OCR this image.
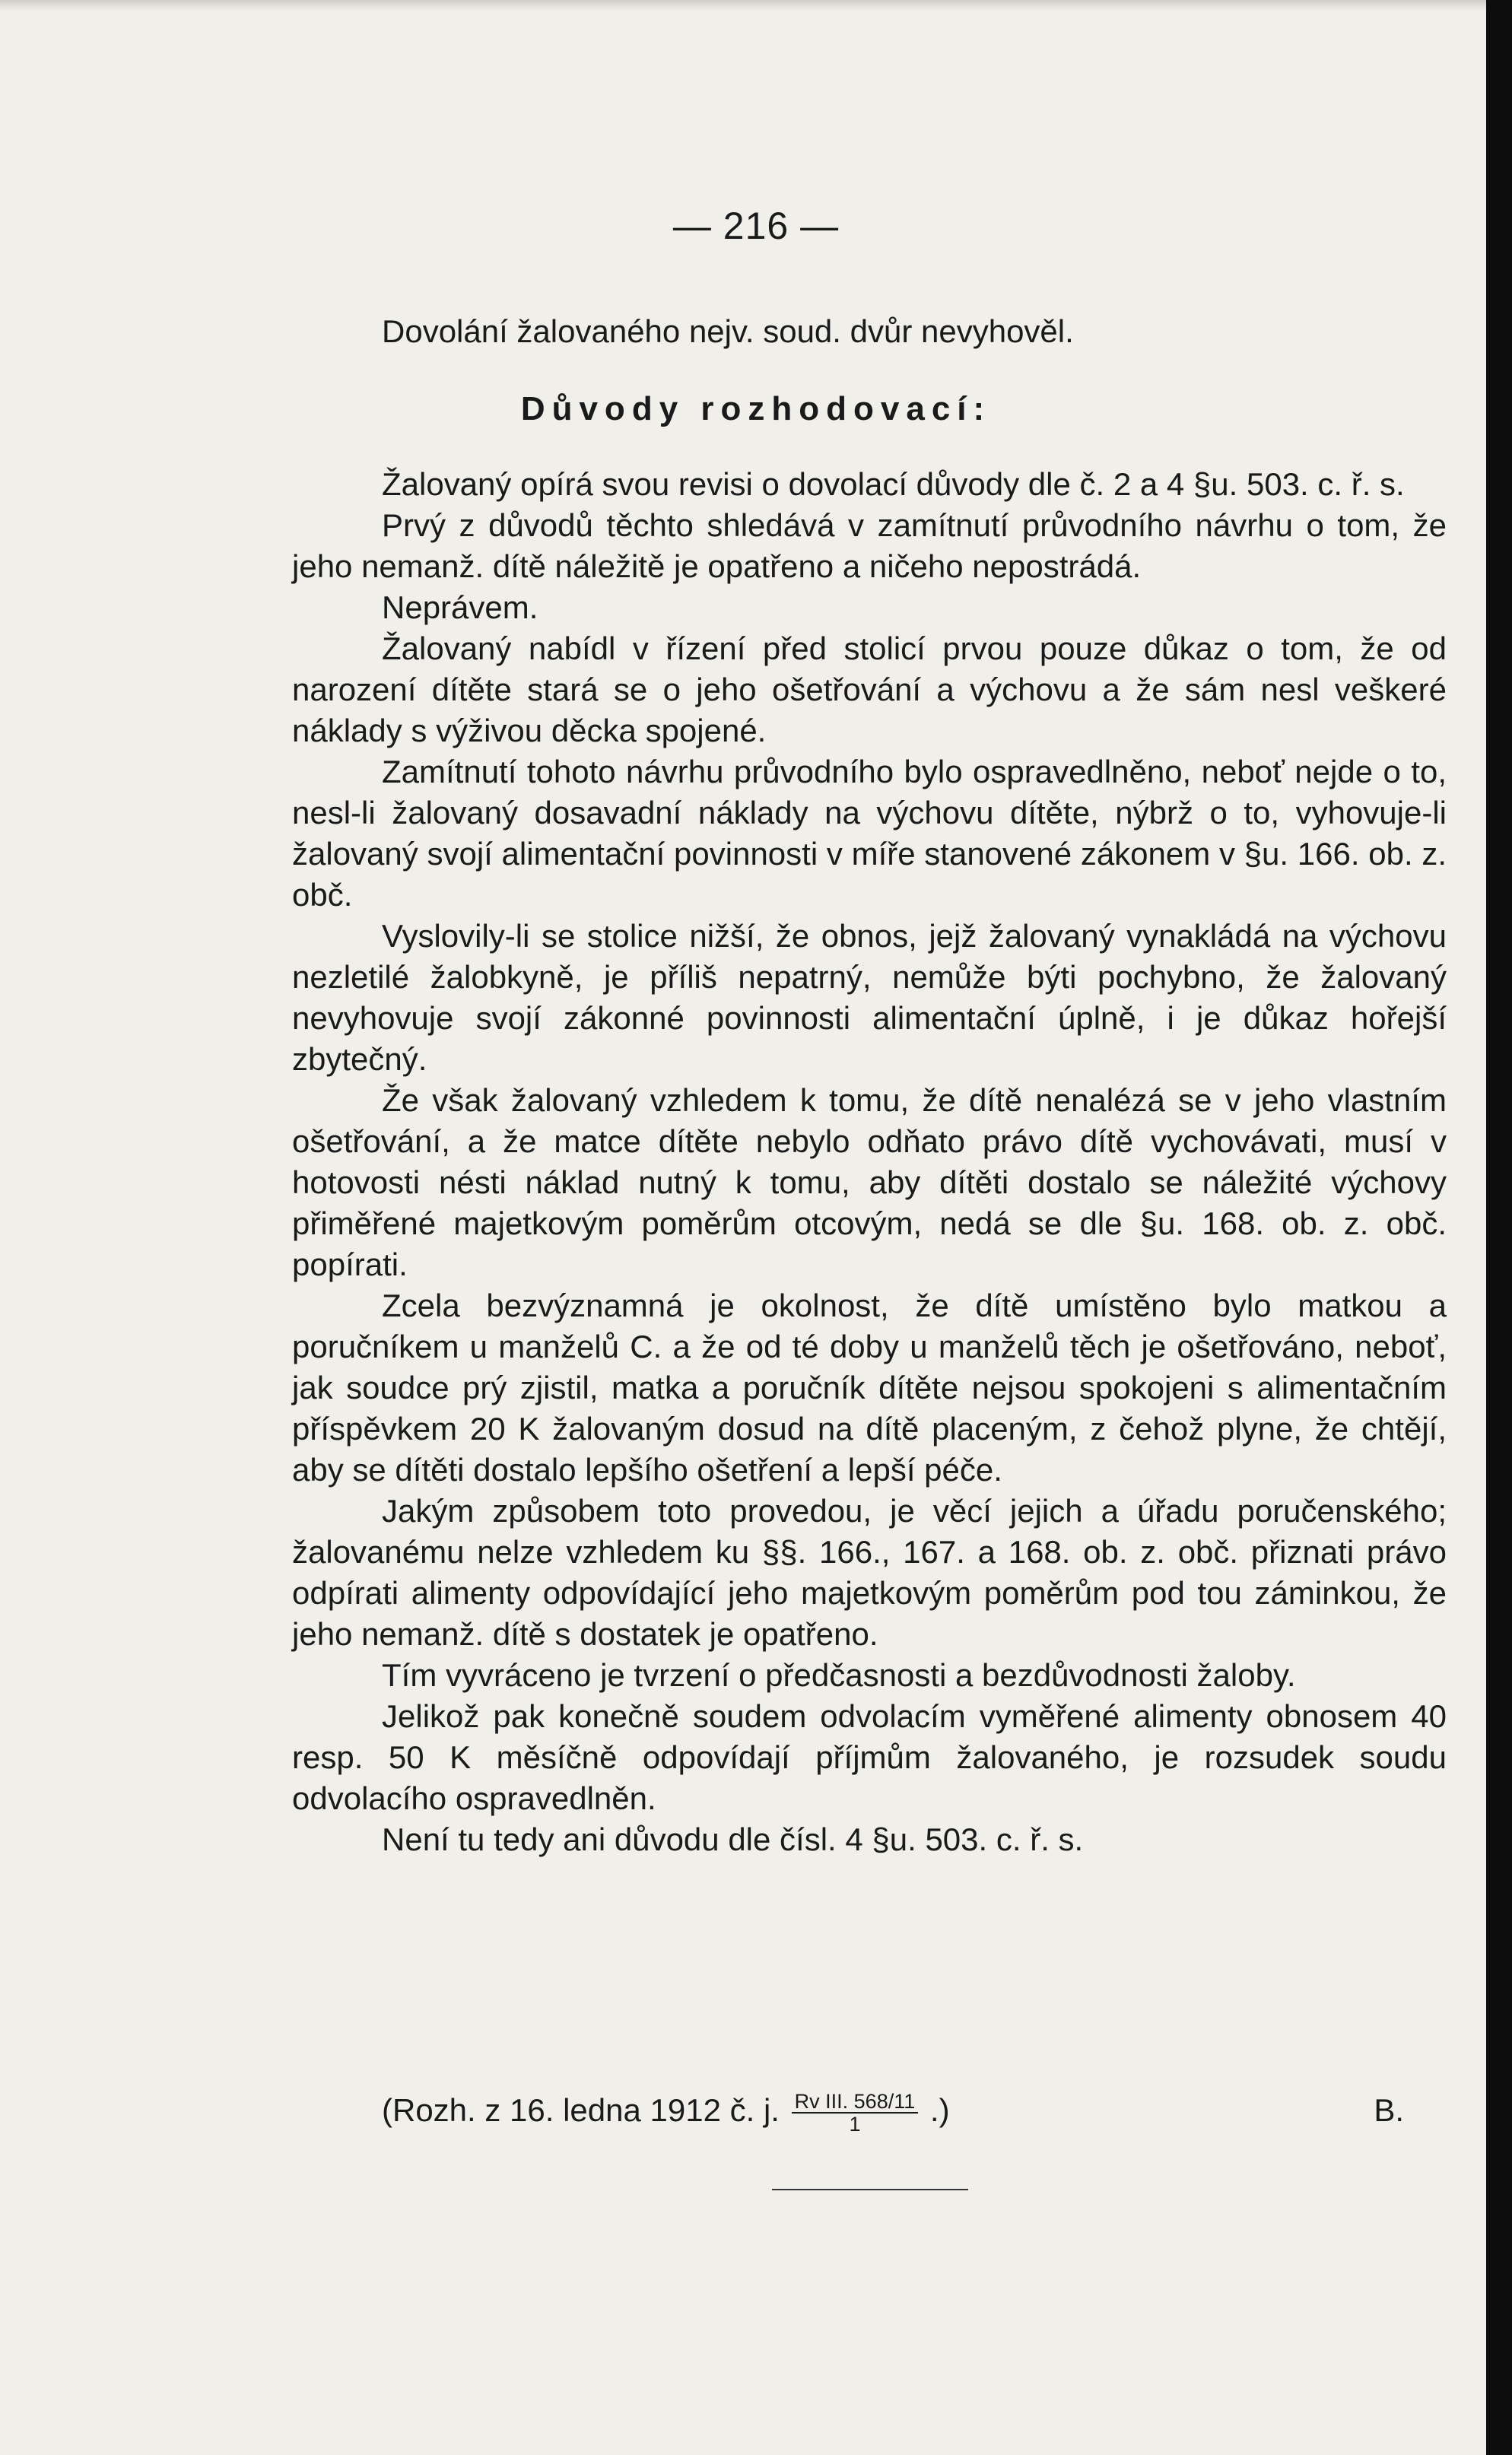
— 216 —

Dovolání žalovaného nejv. soud. dvůr nevyhověl.

Důvody rozhodovací:

Žalovaný opírá svou revisi o dovolací důvody dle č. 2 a 4 §u. 503. c. ř. s.

Prvý z důvodů těchto shledává v zamítnutí průvodního návrhu o tom, že jeho nemanž. dítě náležitě je opatřeno a ničeho nepostrádá.

Neprávem.

Žalovaný nabídl v řízení před stolicí prvou pouze důkaz o tom, že od narození dítěte stará se o jeho ošetřování a výchovu a že sám nesl veškeré náklady s výživou děcka spojené.

Zamítnutí tohoto návrhu průvodního bylo ospravedlněno, neboť nejde o to, nesl-li žalovaný dosavadní náklady na výchovu dítěte, nýbrž o to, vyhovuje-li žalovaný svojí alimentační povinnosti v míře stanovené zákonem v §u. 166. ob. z. obč.

Vyslovily-li se stolice nižší, že obnos, jejž žalovaný vynakládá na výchovu nezletilé žalobkyně, je příliš nepatrný, nemůže býti pochybno, že žalovaný nevyhovuje svojí zákonné povinnosti alimentační úplně, i je důkaz hořejší zbytečný.

Že však žalovaný vzhledem k tomu, že dítě nenalézá se v jeho vlastním ošetřování, a že matce dítěte nebylo odňato právo dítě vychovávati, musí v hotovosti nésti náklad nutný k tomu, aby dítěti dostalo se náležité výchovy přiměřené majetkovým poměrům otcovým, nedá se dle §u. 168. ob. z. obč. popírati.

Zcela bezvýznamná je okolnost, že dítě umístěno bylo matkou a poručníkem u manželů C. a že od té doby u manželů těch je ošetřováno, neboť, jak soudce prý zjistil, matka a poručník dítěte nejsou spokojeni s alimentačním příspěvkem 20 K žalovaným dosud na dítě placeným, z čehož plyne, že chtějí, aby se dítěti dostalo lepšího ošetření a lepší péče.

Jakým způsobem toto provedou, je věcí jejich a úřadu poručenského; žalovanému nelze vzhledem ku §§. 166., 167. a 168. ob. z. obč. přiznati právo odpírati alimenty odpovídající jeho majetkovým poměrům pod tou záminkou, že jeho nemanž. dítě s dostatek je opatřeno.

Tím vyvráceno je tvrzení o předčasnosti a bezdůvodnosti žaloby.

Jelikož pak konečně soudem odvolacím vyměřené alimenty obnosem 40 resp. 50 K měsíčně odpovídají příjmům žalovaného, je rozsudek soudu odvolacího ospravedlněn.

Není tu tedy ani důvodu dle čísl. 4 §u. 503. c. ř. s.

(Rozh. z 16. ledna 1912 č. j. $\frac{\text{Rv III. 568/11}}{1}$ .)	B.
